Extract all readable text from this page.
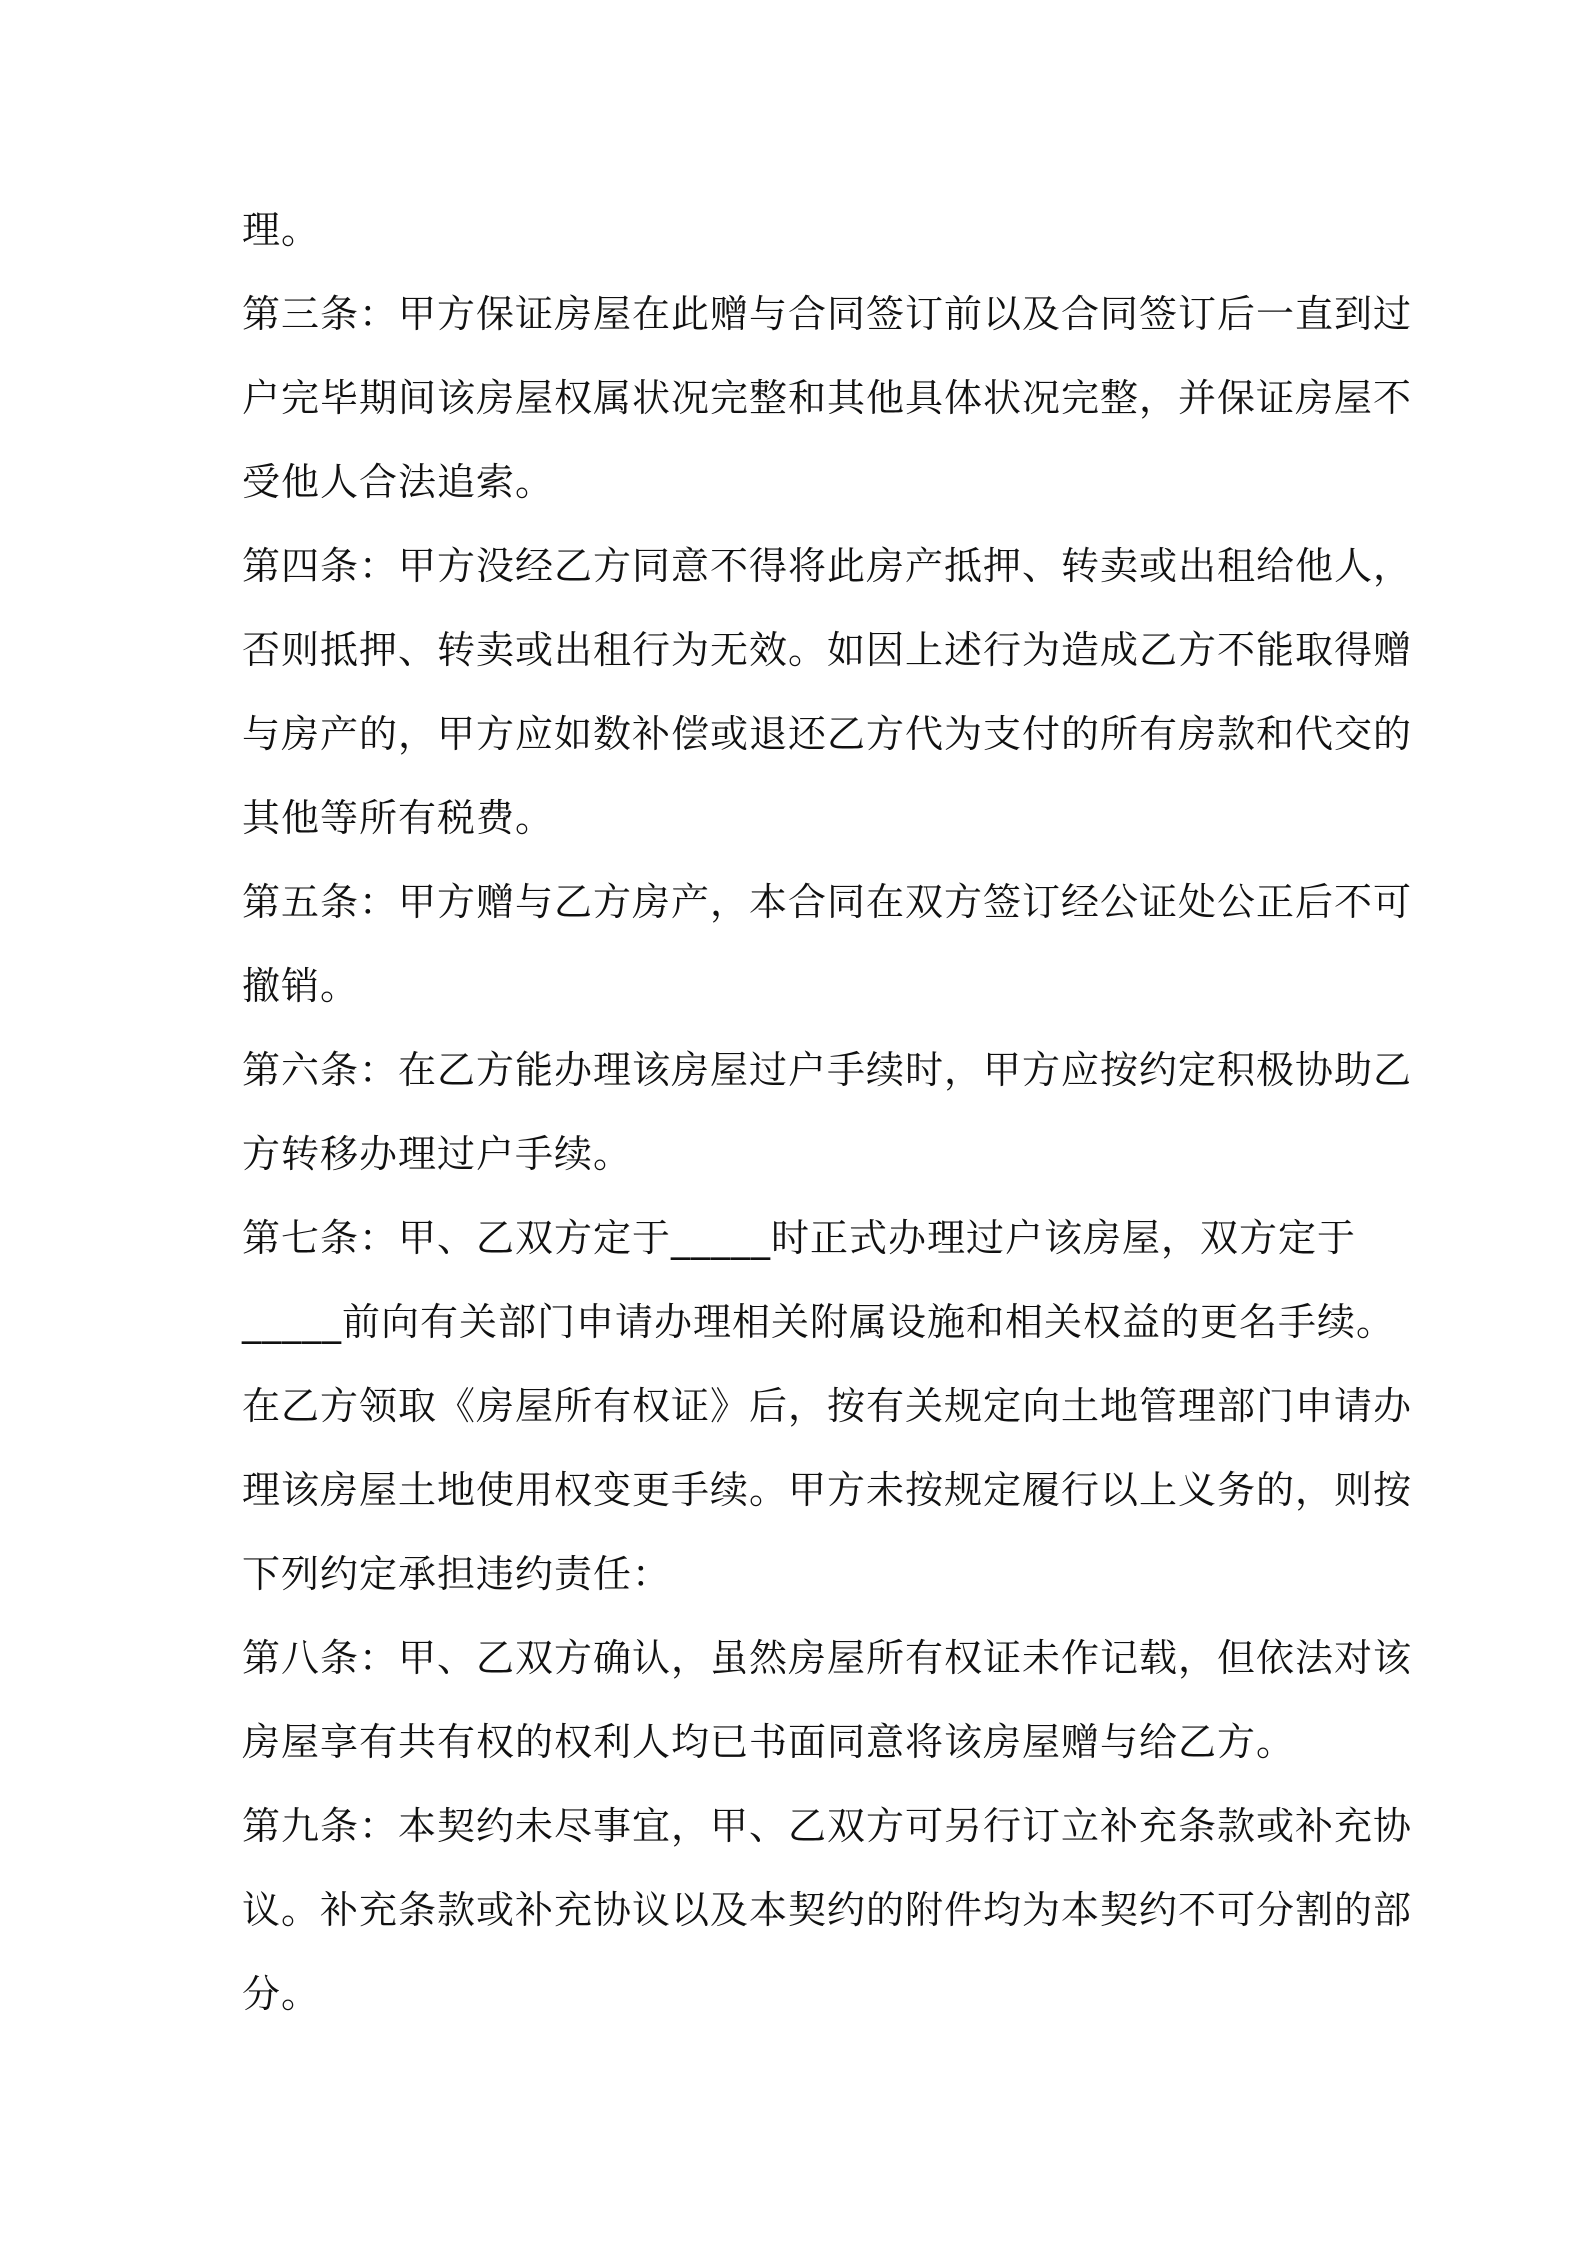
理。
第三条：甲方保证房屋在此赠与合同签订前以及合同签订后一直到过
户完毕期间该房屋权属状况完整和其他具体状况完整，并保证房屋不
受他人合法追索。
第四条：甲方没经乙方同意不得将此房产抵押、转卖或出租给他人，
否则抵押、转卖或出租行为无效。如因上述行为造成乙方不能取得赠
与房产的，甲方应如数补偿或退还乙方代为支付的所有房款和代交的
其他等所有税费。
第五条：甲方赠与乙方房产，本合同在双方签订经公证处公正后不可
撤销。
第六条：在乙方能办理该房屋过户手续时，甲方应按约定积极协助乙
方转移办理过户手续。
第七条：甲、乙双方定于_____时正式办理过户该房屋，双方定于
_____前向有关部门申请办理相关附属设施和相关权益的更名手续。
在乙方领取《房屋所有权证》后，按有关规定向土地管理部门申请办
理该房屋土地使用权变更手续。甲方未按规定履行以上义务的，则按
下列约定承担违约责任：
第八条：甲、乙双方确认，虽然房屋所有权证未作记载，但依法对该
房屋享有共有权的权利人均已书面同意将该房屋赠与给乙方。
第九条：本契约未尽事宜，甲、乙双方可另行订立补充条款或补充协
议。补充条款或补充协议以及本契约的附件均为本契约不可分割的部
分。
